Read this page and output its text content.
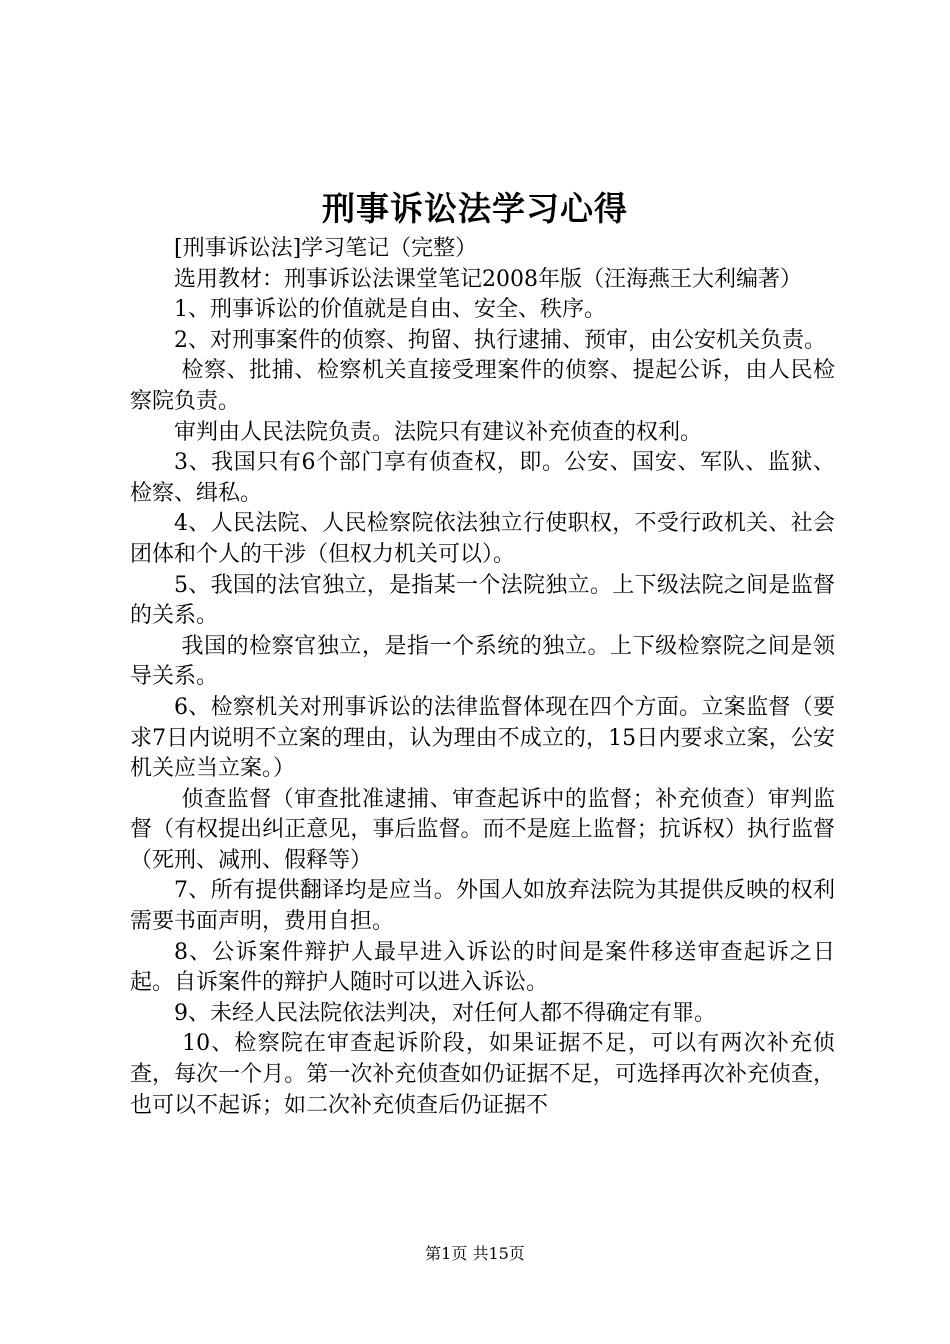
刑事诉讼法学习心得

[刑事诉讼法]学习笔记（完整）

选用教材：刑事诉讼法课堂笔记2008年版（汪海燕王大利编著）

1、刑事诉讼的价值就是自由、安全、秩序。

2、对刑事案件的侦察、拘留、执行逮捕、预审，由公安机关负责。

检察、批捕、检察机关直接受理案件的侦察、提起公诉，由人民检察院负责。

审判由人民法院负责。法院只有建议补充侦查的权利。

3、我国只有6个部门享有侦查权，即。公安、国安、军队、监狱、检察、缉私。

4、人民法院、人民检察院依法独立行使职权，不受行政机关、社会团体和个人的干涉（但权力机关可以）。

5、我国的法官独立，是指某一个法院独立。上下级法院之间是监督的关系。

我国的检察官独立，是指一个系统的独立。上下级检察院之间是领导关系。

6、检察机关对刑事诉讼的法律监督体现在四个方面。立案监督（要求7日内说明不立案的理由，认为理由不成立的，15日内要求立案，公安机关应当立案。）

侦查监督（审查批准逮捕、审查起诉中的监督；补充侦查）审判监督（有权提出纠正意见，事后监督。而不是庭上监督；抗诉权）执行监督（死刑、减刑、假释等）

7、所有提供翻译均是应当。外国人如放弃法院为其提供反映的权利需要书面声明，费用自担。

8、公诉案件辩护人最早进入诉讼的时间是案件移送审查起诉之日起。自诉案件的辩护人随时可以进入诉讼。

9、未经人民法院依法判决，对任何人都不得确定有罪。

10、检察院在审查起诉阶段，如果证据不足，可以有两次补充侦查，每次一个月。第一次补充侦查如仍证据不足，可选择再次补充侦查，也可以不起诉；如二次补充侦查后仍证据不

第1页 共15页
